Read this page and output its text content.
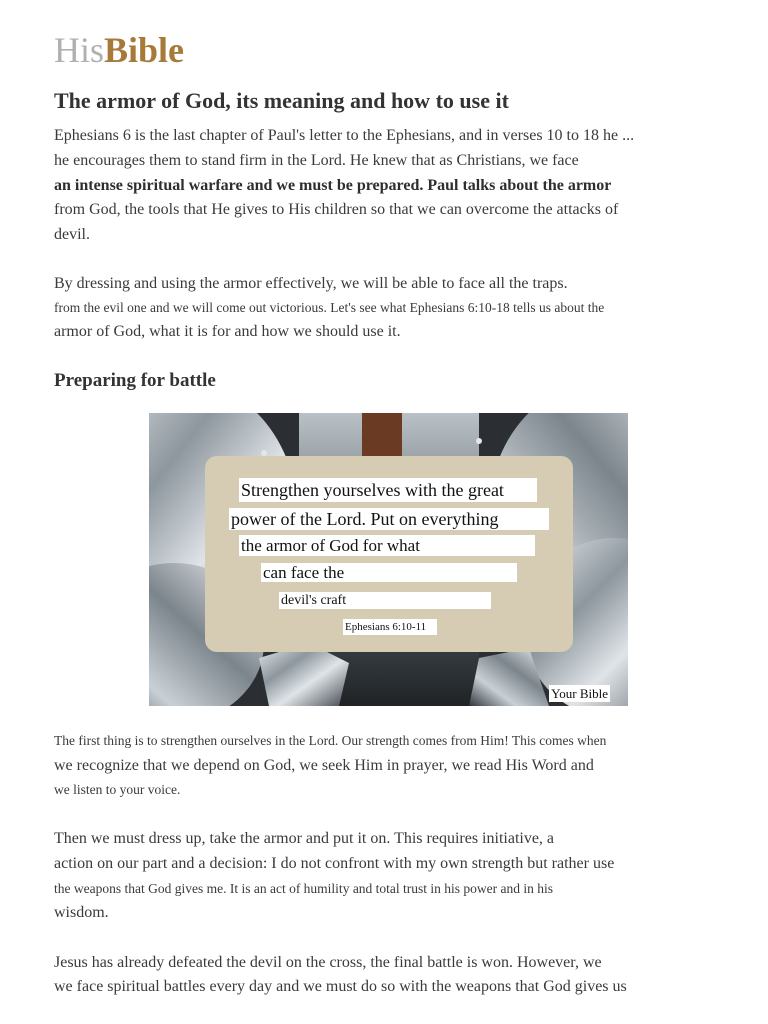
HisBible
The armor of God, its meaning and how to use it
Ephesians 6 is the last chapter of Paul's letter to the Ephesians, and in verses 10 to 18 he ...
he encourages them to stand firm in the Lord. He knew that as Christians, we face
an intense spiritual warfare and we must be prepared. Paul talks about the armor
from God, the tools that He gives to His children so that we can overcome the attacks of
devil.
By dressing and using the armor effectively, we will be able to face all the traps.
from the evil one and we will come out victorious. Let's see what Ephesians 6:10-18 tells us about the
armor of God, what it is for and how we should use it.
Preparing for battle
Strengthen yourselves with the great
power of the Lord. Put on everything
the armor of God for what
can face the
devil's craft
Ephesians 6:10-11
Your Bible
The first thing is to strengthen ourselves in the Lord. Our strength comes from Him! This comes when
we recognize that we depend on God, we seek Him in prayer, we read His Word and
we listen to your voice.
Then we must dress up, take the armor and put it on. This requires initiative, a
action on our part and a decision: I do not confront with my own strength but rather use
the weapons that God gives me. It is an act of humility and total trust in his power and in his
wisdom.
Jesus has already defeated the devil on the cross, the final battle is won. However, we
we face spiritual battles every day and we must do so with the weapons that God gives us
